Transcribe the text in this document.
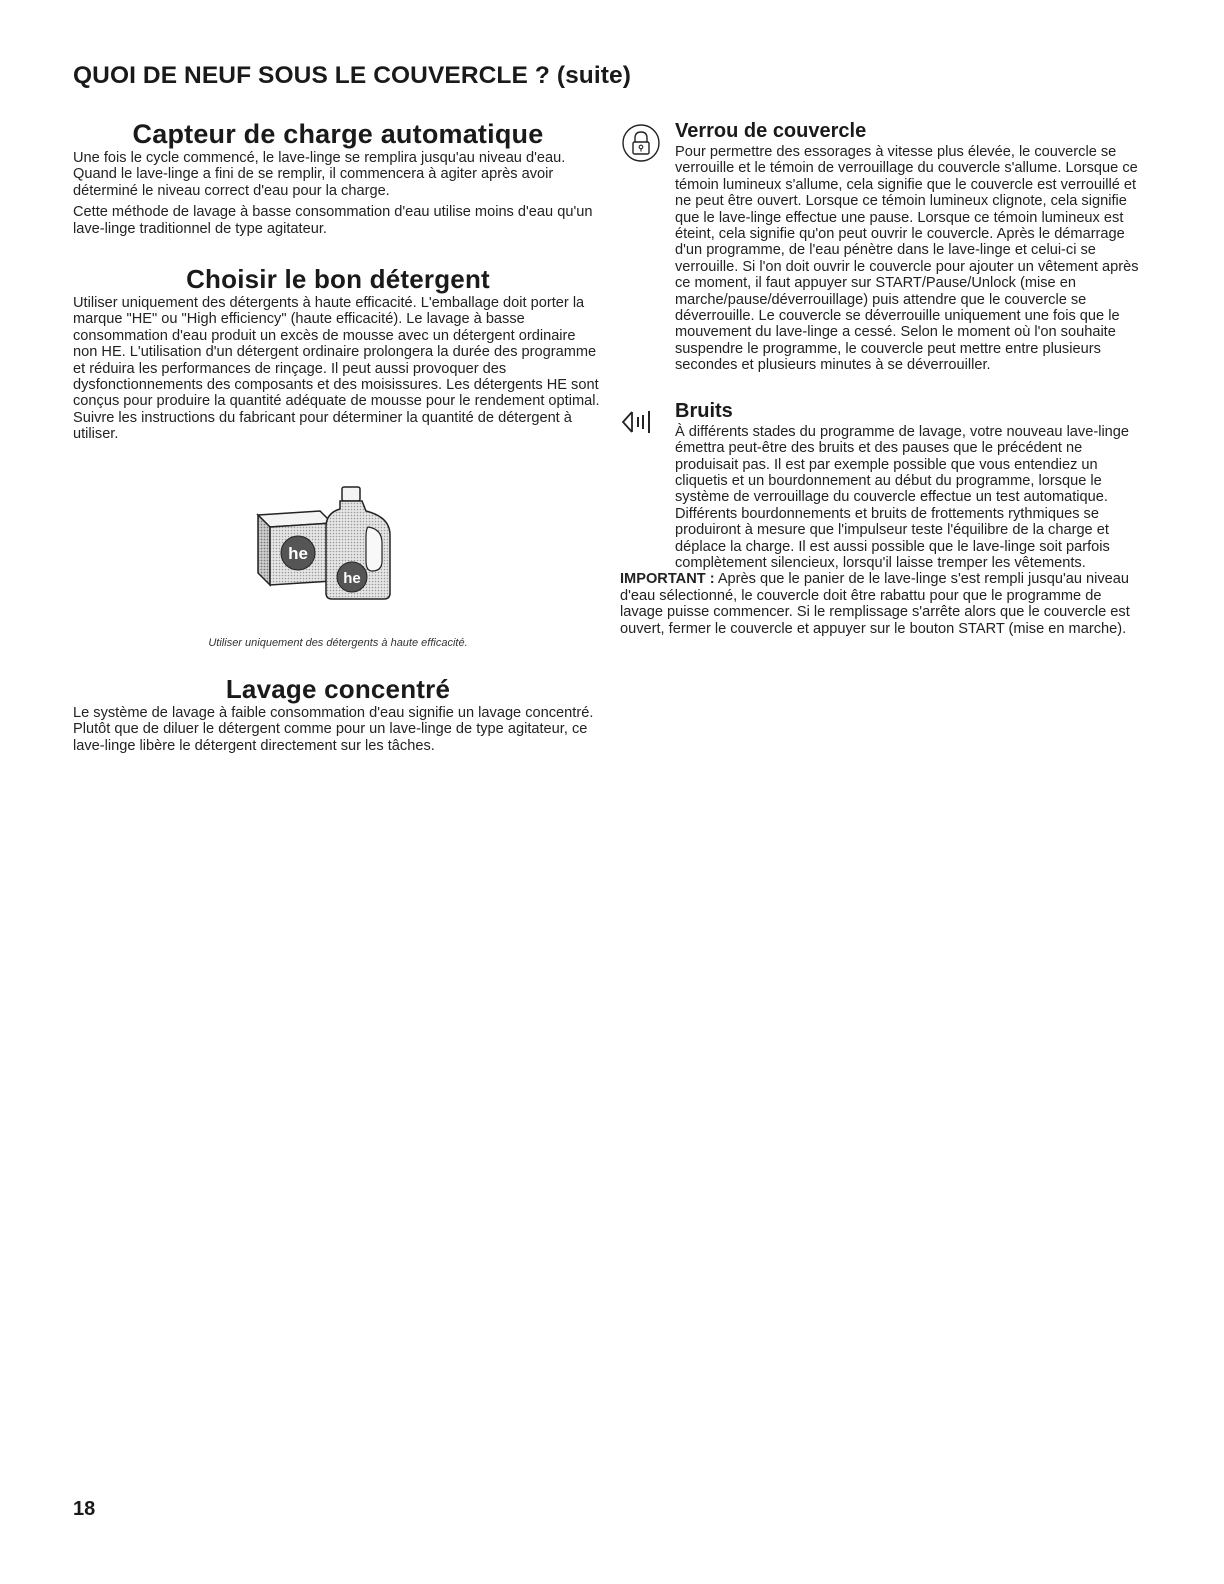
QUOI DE NEUF SOUS LE COUVERCLE ? (suite)
Capteur de charge automatique

Une fois le cycle commencé, le lave-linge se remplira jusqu'au niveau d'eau. Quand le lave-linge a fini de se remplir, il commencera à agiter après avoir déterminé le niveau correct d'eau pour la charge.

Cette méthode de lavage à basse consommation d'eau utilise moins d'eau qu'un lave-linge traditionnel de type agitateur.

Choisir le bon détergent

Utiliser uniquement des détergents à haute efficacité. L'emballage doit porter la marque "HE" ou "High efficiency" (haute efficacité). Le lavage à basse consommation d'eau produit un excès de mousse avec un détergent ordinaire non HE. L'utilisation d'un détergent ordinaire prolongera la durée des programme et réduira les performances de rinçage. Il peut aussi provoquer des dysfonctionnements des composants et des moisissures. Les détergents HE sont conçus pour produire la quantité adéquate de mousse pour le rendement optimal. Suivre les instructions du fabricant pour déterminer la quantité de détergent à utiliser.

he
he
Utiliser uniquement des détergents à haute efficacité.
Lavage concentré

Le système de lavage à faible consommation d'eau signifie un lavage concentré. Plutôt que de diluer le détergent comme pour un lave-linge de type agitateur, ce lave-linge libère le détergent directement sur les tâches.

Verrou de couvercle

Pour permettre des essorages à vitesse plus élevée, le couvercle se verrouille et le témoin de verrouillage du couvercle s'allume. Lorsque ce témoin lumineux s'allume, cela signifie que le couvercle est verrouillé et ne peut être ouvert. Lorsque ce témoin lumineux clignote, cela signifie que le lave-linge effectue une pause. Lorsque ce témoin lumineux est éteint, cela signifie qu'on peut ouvrir le couvercle. Après le démarrage d'un programme, de l'eau pénètre dans le lave-linge et celui-ci se verrouille. Si l'on doit ouvrir le couvercle pour ajouter un vêtement après ce moment, il faut appuyer sur START/Pause/Unlock (mise en marche/pause/déverrouillage) puis attendre que le couvercle se déverrouille. Le couvercle se déverrouille uniquement une fois que le mouvement du lave-linge a cessé. Selon le moment où l'on souhaite suspendre le programme, le couvercle peut mettre entre plusieurs secondes et plusieurs minutes à se déverrouiller.

Bruits

À différents stades du programme de lavage, votre nouveau lave-linge émettra peut-être des bruits et des pauses que le précédent ne produisait pas. Il est par exemple possible que vous entendiez un cliquetis et un bourdonnement au début du programme, lorsque le système de verrouillage du couvercle effectue un test automatique. Différents bourdonnements et bruits de frottements rythmiques se produiront à mesure que l'impulseur teste l'équilibre de la charge et déplace la charge. Il est aussi possible que le lave-linge soit parfois complètement silencieux, lorsqu'il laisse tremper les vêtements.

IMPORTANT : Après que le panier de le lave-linge s'est rempli jusqu'au niveau d'eau sélectionné, le couvercle doit être rabattu pour que le programme de lavage puisse commencer. Si le remplissage s'arrête alors que le couvercle est ouvert, fermer le couvercle et appuyer sur le bouton START (mise en marche).

18
